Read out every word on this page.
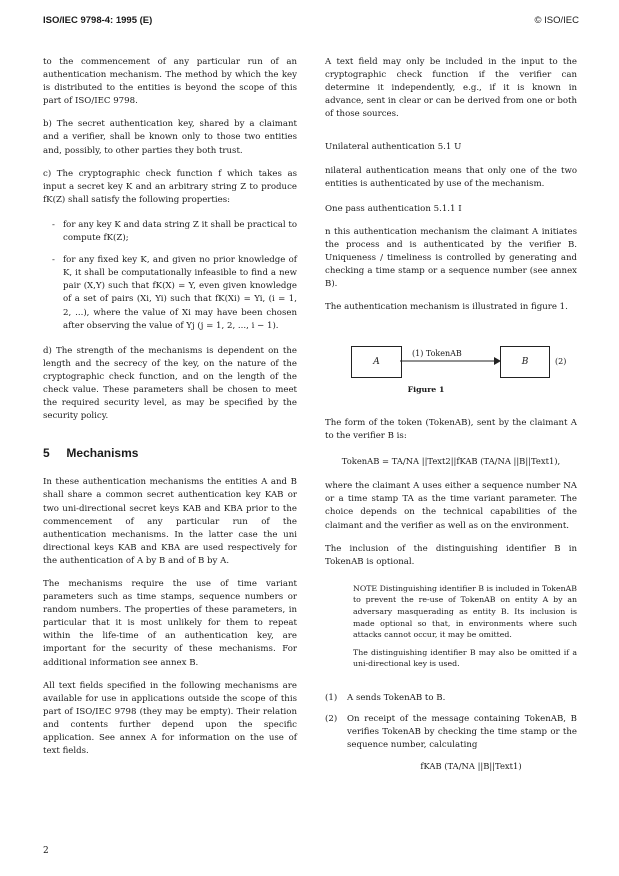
ISO/IEC 9798-4: 1995 (E)	© ISO/IEC

to the commencement of any particular run of an authentication mechanism. The method by which the key is distributed to the entities is beyond the scope of this part of ISO/IEC 9798.

b) The secret authentication key, shared by a claimant and a verifier, shall be known only to those two entities and, possibly, to other parties they both trust.

c) The cryptographic check function f which takes as input a secret key K and an arbitrary string Z to produce fK(Z) shall satisfy the following properties:

- for any key K and data string Z it shall be practical to compute fK(Z);
- for any fixed key K, and given no prior knowledge of K, it shall be computationally infeasible to find a new pair (X,Y) such that fK(X) = Y, even given knowledge of a set of pairs (Xi, Yi) such that fK(Xi) = Yi, (i = 1, 2, ...), where the value of Xi may have been chosen after observing the value of Yj (j = 1, 2, ..., i − 1).

d) The strength of the mechanisms is dependent on the length and the secrecy of the key, on the nature of the cryptographic check function, and on the length of the check value. These parameters shall be chosen to meet the required security level, as may be specified by the security policy.

5 Mechanisms

In these authentication mechanisms the entities A and B shall share a common secret authentication key KAB or two uni-directional secret keys KAB and KBA prior to the commencement of any particular run of the authentication mechanisms. In the latter case the uni directional keys KAB and KBA are used respectively for the authentication of A by B and of B by A.

The mechanisms require the use of time variant parameters such as time stamps, sequence numbers or random numbers. The properties of these parameters, in particular that it is most unlikely for them to repeat within the life-time of an authentication key, are important for the security of these mechanisms. For additional information see annex B.

All text fields specified in the following mechanisms are available for use in applications outside the scope of this part of ISO/IEC 9798 (they may be empty). Their relation and contents further depend upon the specific application. See annex A for information on the use of text fields.

2

A text field may only be included in the input to the cryptographic check function if the verifier can determine it independently, e.g., if it is known in advance, sent in clear or can be derived from one or both of those sources.

Unilateral authentication 5.1 U

nilateral authentication means that only one of the two entities is authenticated by use of the mechanism.

One pass authentication 5.1.1 I

n this authentication mechanism the claimant A initiates the process and is authenticated by the verifier B. Uniqueness / timeliness is controlled by generating and checking a time stamp or a sequence number (see annex B).

The authentication mechanism is illustrated in figure 1.

A	B
(1) TokenAB
(2)
Figure 1

The form of the token (TokenAB), sent by the claimant A to the verifier B is:

TokenAB = TA/NA ||Text2||fKAB (TA/NA ||B||Text1),

where the claimant A uses either a sequence number NA or a time stamp TA as the time variant parameter. The choice depends on the technical capabilities of the claimant and the verifier as well as on the environment.

The inclusion of the distinguishing identifier B in TokenAB is optional.

NOTE Distinguishing identifier B is included in TokenAB to prevent the re-use of TokenAB on entity A by an adversary masquerading as entity B. Its inclusion is made optional so that, in environments where such attacks cannot occur, it may be omitted.

The distinguishing identifier B may also be omitted if a uni-directional key is used.

(1) A sends TokenAB to B.
(2) On receipt of the message containing TokenAB, B verifies TokenAB by checking the time stamp or the sequence number, calculating
fKAB (TA/NA ||B||Text1)
